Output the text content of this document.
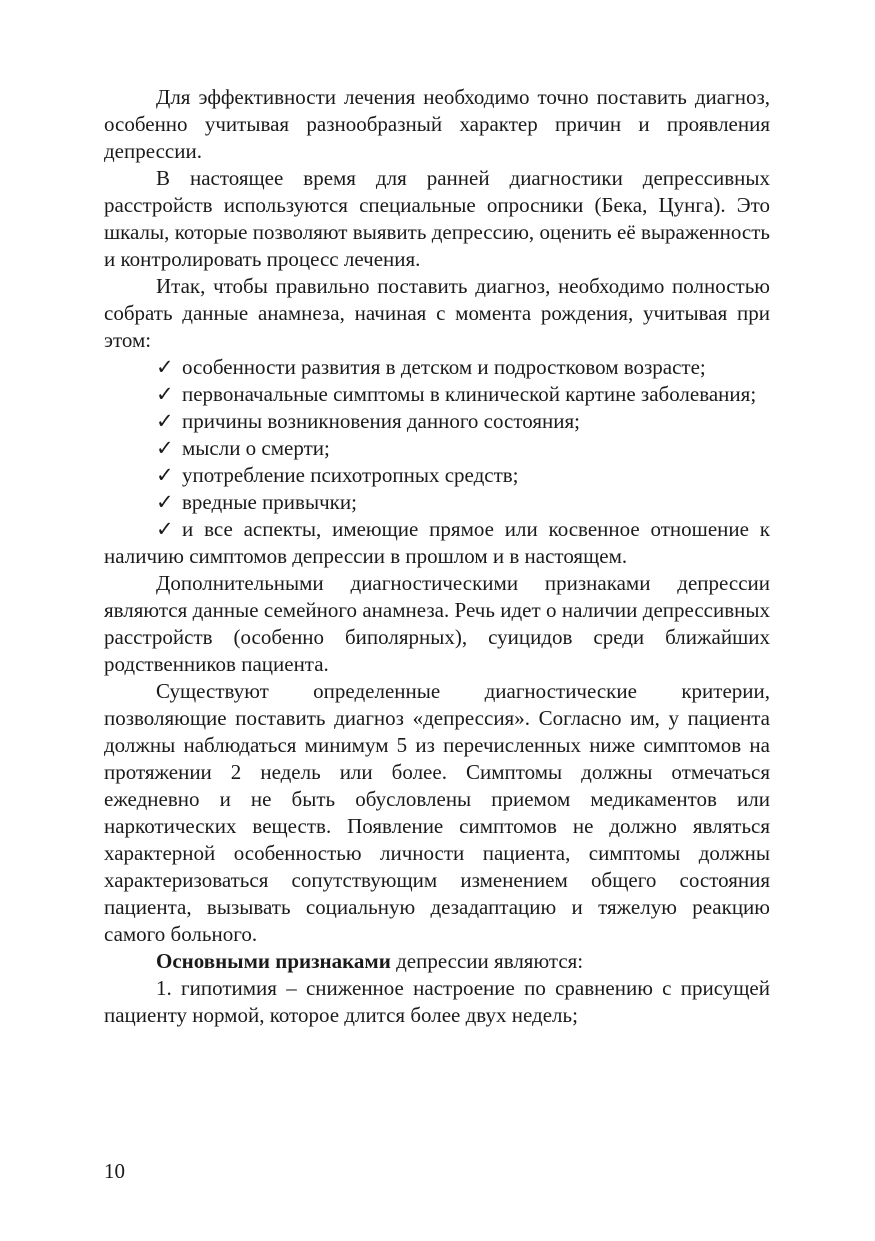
Для эффективности лечения необходимо точно поставить диагноз, особенно учитывая разнообразный характер причин и проявления депрессии.

В настоящее время для ранней диагностики депрессивных расстройств используются специальные опросники (Бека, Цунга). Это шкалы, которые позволяют выявить депрессию, оценить её выраженность и контролировать процесс лечения.

Итак, чтобы правильно поставить диагноз, необходимо полностью собрать данные анамнеза, начиная с момента рождения, учитывая при этом:

✓ особенности развития в детском и подростковом возрасте;

✓ первоначальные симптомы в клинической картине заболевания;

✓ причины возникновения данного состояния;

✓ мысли о смерти;

✓ употребление психотропных средств;

✓ вредные привычки;

✓ и все аспекты, имеющие прямое или косвенное отношение к наличию симптомов депрессии в прошлом и в настоящем.

Дополнительными диагностическими признаками депрессии являются данные семейного анамнеза. Речь идет о наличии депрессивных расстройств (особенно биполярных), суицидов среди ближайших родственников пациента.

Существуют определенные диагностические критерии, позволяющие поставить диагноз «депрессия». Согласно им, у пациента должны наблюдаться минимум 5 из перечисленных ниже симптомов на протяжении 2 недель или более. Симптомы должны отмечаться ежедневно и не быть обусловлены приемом медикаментов или наркотических веществ. Появление симптомов не должно являться характерной особенностью личности пациента, симптомы должны характеризоваться сопутствующим изменением общего состояния пациента, вызывать социальную дезадаптацию и тяжелую реакцию самого больного.

Основными признаками депрессии являются:

1. гипотимия – сниженное настроение по сравнению с присущей пациенту нормой, которое длится более двух недель;

10
